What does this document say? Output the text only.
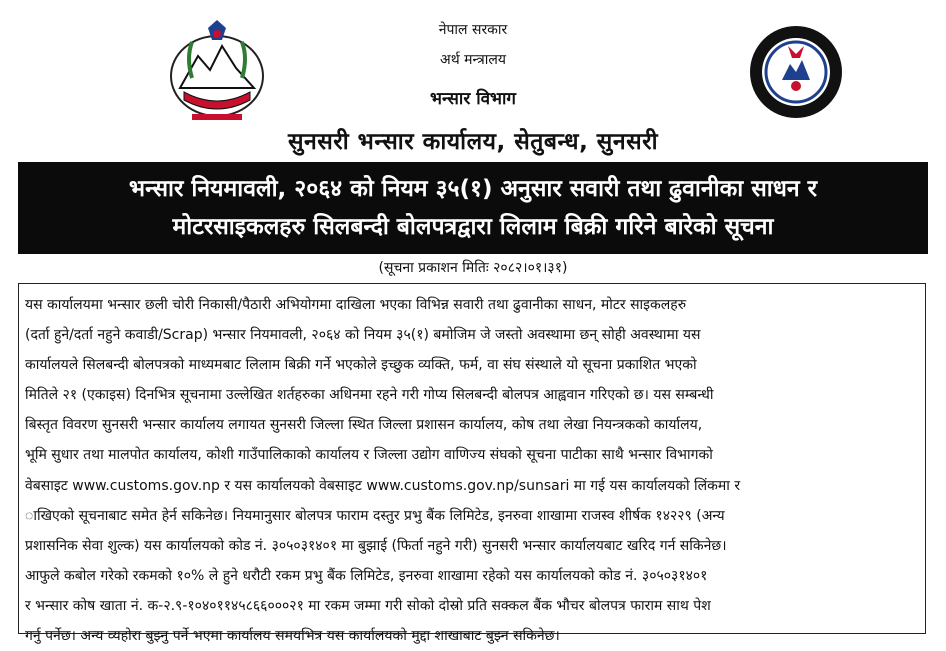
नेपाल सरकार
अर्थ मन्त्रालय
भन्सार विभाग
सुनसरी भन्सार कार्यालय, सेतुबन्ध, सुनसरी
भन्सार नियमावली, २०६४ को नियम ३५(१) अनुसार सवारी तथा ढुवानीका साधन र
मोटरसाइकलहरु सिलबन्दी बोलपत्रद्वारा लिलाम बिक्री गरिने बारेको सूचना
(सूचना प्रकाशन मितिः २०८२।०१।३१)

यस कार्यालयमा भन्सार छली चोरी निकासी/पैठारी अभियोगमा दाखिला भएका विभिन्न सवारी तथा ढुवानीका साधन, मोटर साइकलहरु
(दर्ता हुने/दर्ता नहुने कवाडी/Scrap) भन्सार नियमावली, २०६४ को नियम ३५(१) बमोजिम जे जस्तो अवस्थामा छन् सोही अवस्थामा यस
कार्यालयले सिलबन्दी बोलपत्रको माध्यमबाट लिलाम बिक्री गर्ने भएकोले इच्छुक व्यक्ति, फर्म, वा संघ संस्थाले यो सूचना प्रकाशित भएको
मितिले २१ (एकाइस) दिनभित्र सूचनामा उल्लेखित शर्तहरुका अधिनमा रहने गरी गोप्य सिलबन्दी बोलपत्र आह्ववान गरिएको छ। यस सम्बन्धी
बिस्तृत विवरण सुनसरी भन्सार कार्यालय लगायत सुनसरी जिल्ला स्थित जिल्ला प्रशासन कार्यालय, कोष तथा लेखा नियन्त्रकको कार्यालय,
भूमि सुधार तथा मालपोत कार्यालय, कोशी गाउँपालिकाको कार्यालय र जिल्ला उद्योग वाणिज्य संघको सूचना पाटीका साथै भन्सार विभागको
वेबसाइट www.customs.gov.np र यस कार्यालयको वेबसाइट www.customs.gov.np/sunsari मा गई यस कार्यालयको लिंकमा र
ाखिएको सूचनाबाट समेत हेर्न सकिनेछ। नियमानुसार बोलपत्र फाराम दस्तुर प्रभु बैंक लिमिटेड, इनरुवा शाखामा राजस्व शीर्षक १४२२९ (अन्य
प्रशासनिक सेवा शुल्क) यस कार्यालयको कोड नं. ३०५०३१४०१ मा बुझाई (फिर्ता नहुने गरी) सुनसरी भन्सार कार्यालयबाट खरिद गर्न सकिनेछ।
आफुले कबोल गरेको रकमको १०% ले हुने धरौटी रकम प्रभु बैंक लिमिटेड, इनरुवा शाखामा रहेको यस कार्यालयको कोड नं. ३०५०३१४०१
र भन्सार कोष खाता नं. क-२.९-१०४०११४५८६६०००२१ मा रकम जम्मा गरी सोको दोस्रो प्रति सक्कल बैंक भौचर बोलपत्र फाराम साथ पेश
गर्नु पर्नेछ। अन्य व्यहोरा बुझ्नु पर्ने भएमा कार्यालय समयभित्र यस कार्यालयको मुद्दा शाखाबाट बुझ्न सकिनेछ।
